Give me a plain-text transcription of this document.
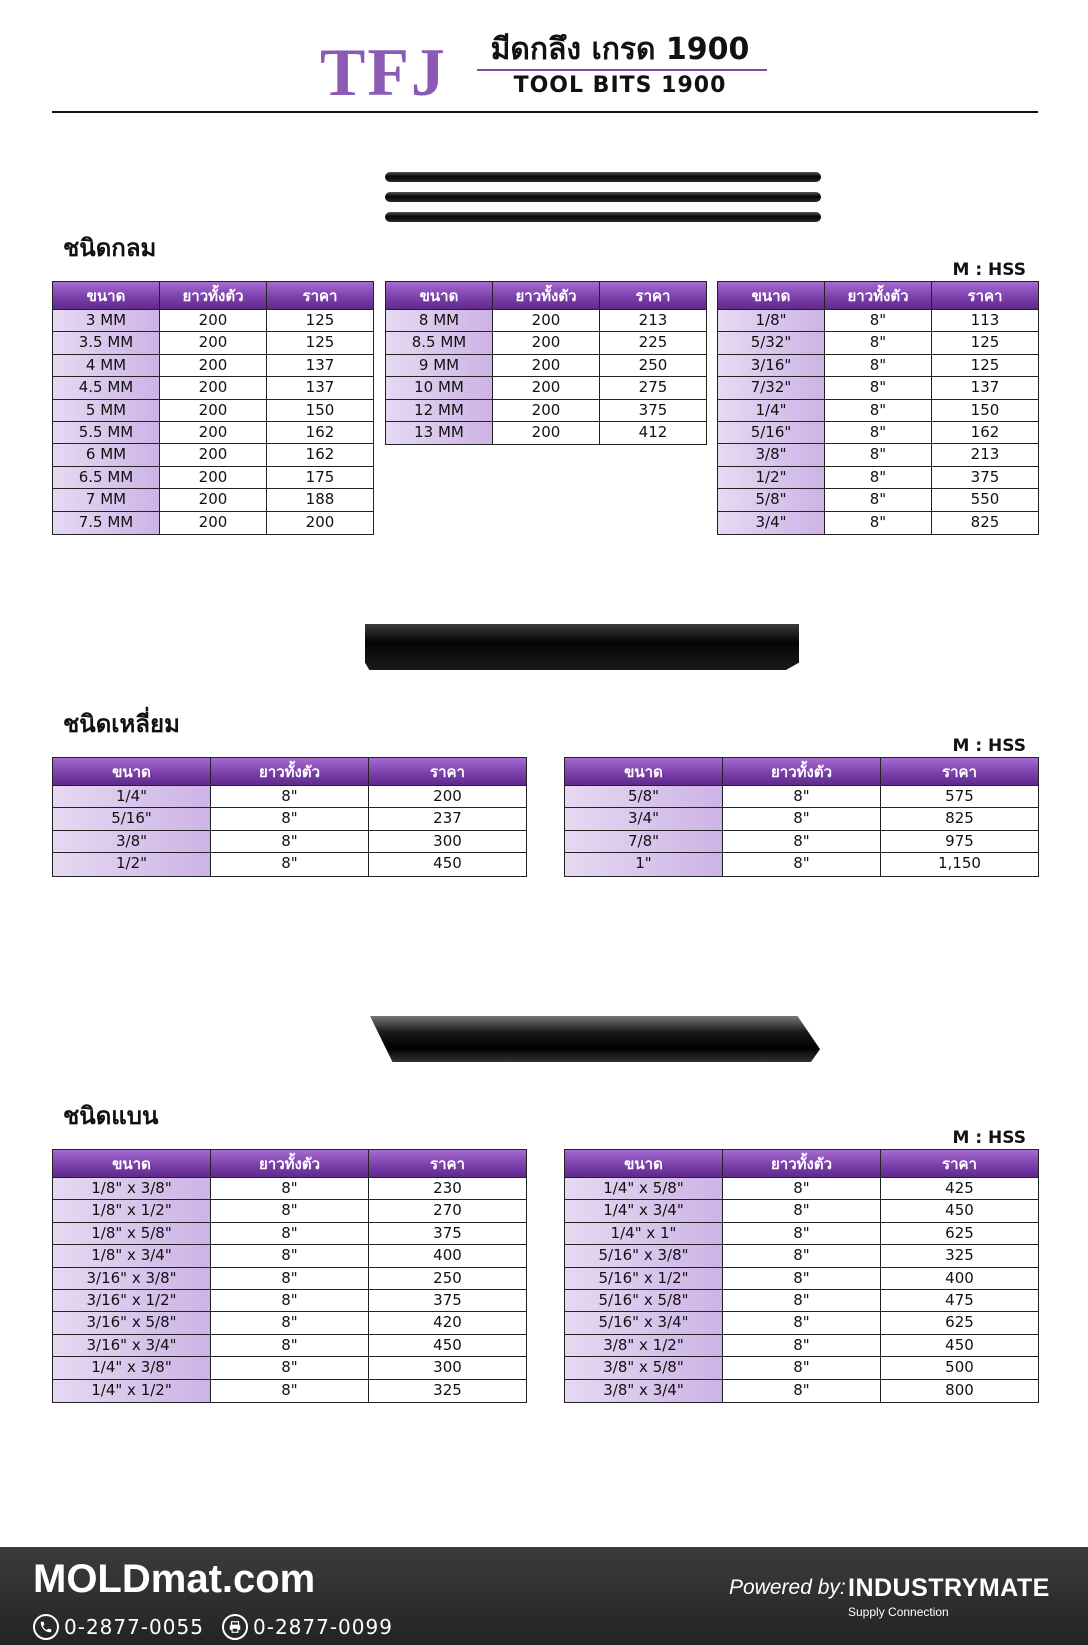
TFJ มีดกลึง เกรด 1900
TOOL BITS 1900
ชนิดกลม
M : HSS
ขนาด	ยาวทั้งตัว	ราคา
3 MM	200	125
3.5 MM	200	125
4 MM	200	137
4.5 MM	200	137
5 MM	200	150
5.5 MM	200	162
6 MM	200	162
6.5 MM	200	175
7 MM	200	188
7.5 MM	200	200
ขนาด	ยาวทั้งตัว	ราคา
8 MM	200	213
8.5 MM	200	225
9 MM	200	250
10 MM	200	275
12 MM	200	375
13 MM	200	412
ขนาด	ยาวทั้งตัว	ราคา
1/8"	8"	113
5/32"	8"	125
3/16"	8"	125
7/32"	8"	137
1/4"	8"	150
5/16"	8"	162
3/8"	8"	213
1/2"	8"	375
5/8"	8"	550
3/4"	8"	825
ชนิดเหลี่ยม
M : HSS
ขนาด	ยาวทั้งตัว	ราคา
1/4"	8"	200
5/16"	8"	237
3/8"	8"	300
1/2"	8"	450
ขนาด	ยาวทั้งตัว	ราคา
5/8"	8"	575
3/4"	8"	825
7/8"	8"	975
1"	8"	1,150
ชนิดแบน
M : HSS
ขนาด	ยาวทั้งตัว	ราคา
1/8" x 3/8"	8"	230
1/8" x 1/2"	8"	270
1/8" x 5/8"	8"	375
1/8" x 3/4"	8"	400
3/16" x 3/8"	8"	250
3/16" x 1/2"	8"	375
3/16" x 5/8"	8"	420
3/16" x 3/4"	8"	450
1/4" x 3/8"	8"	300
1/4" x 1/2"	8"	325
ขนาด	ยาวทั้งตัว	ราคา
1/4" x 5/8"	8"	425
1/4" x 3/4"	8"	450
1/4" x 1"	8"	625
5/16" x 3/8"	8"	325
5/16" x 1/2"	8"	400
5/16" x 5/8"	8"	475
5/16" x 3/4"	8"	625
3/8" x 1/2"	8"	450
3/8" x 5/8"	8"	500
3/8" x 3/4"	8"	800
MOLDmat.com
0-2877-0055 0-2877-0099
Powered by: INDUSTRYMATE
Supply Connection
